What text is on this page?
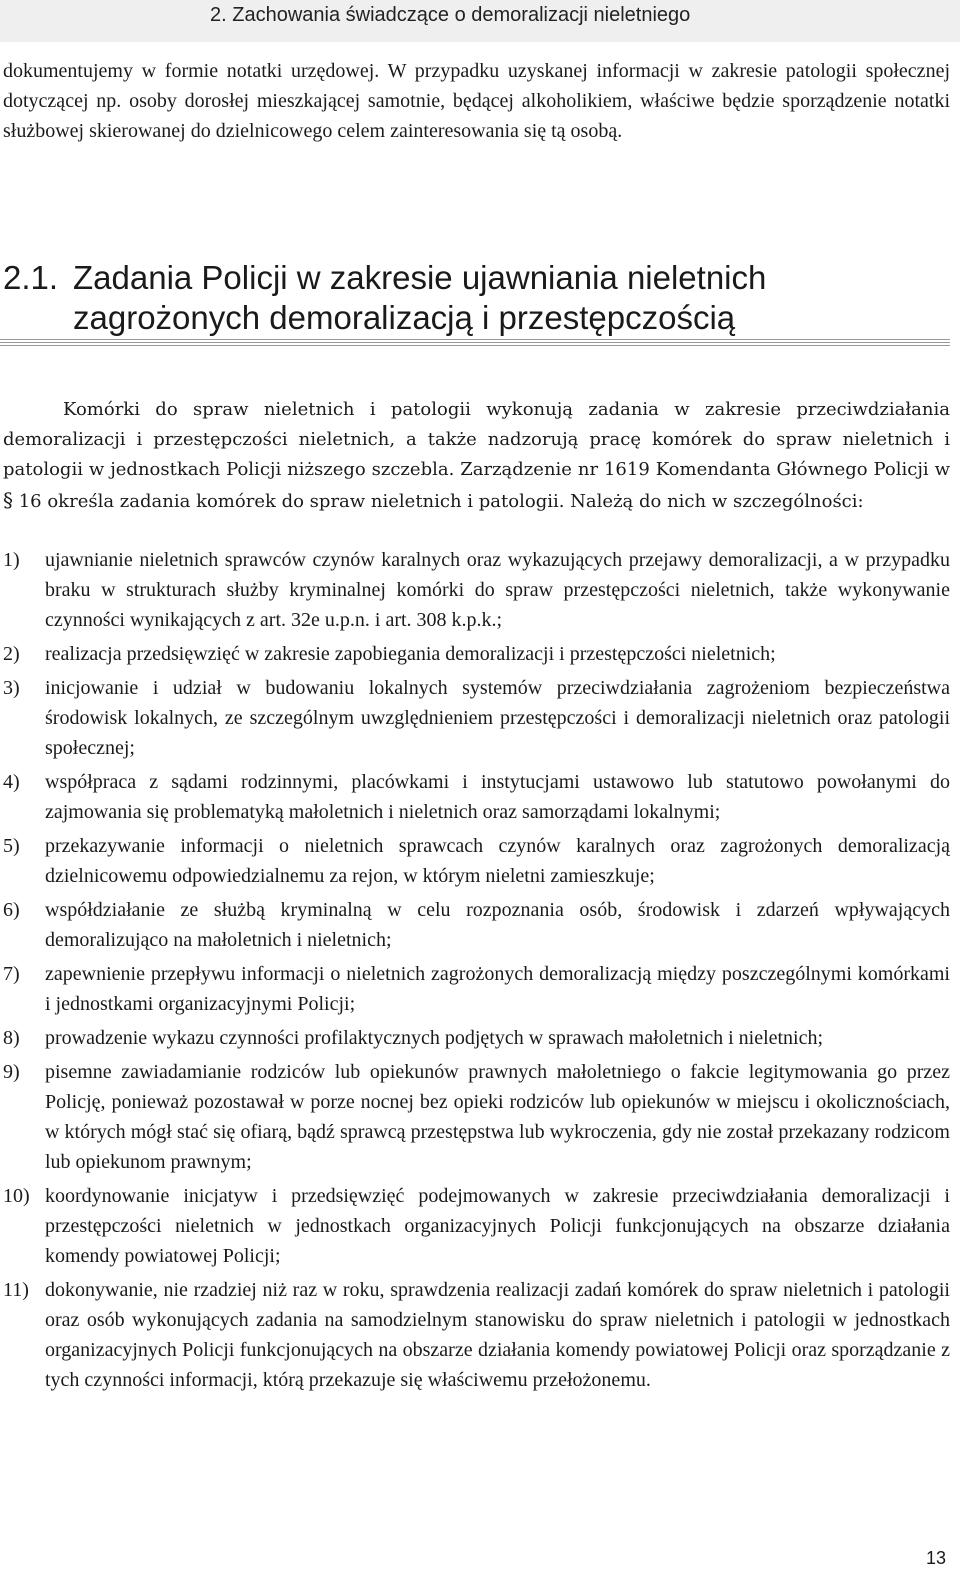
2. Zachowania świadczące o demoralizacji nieletniego
dokumentujemy w formie notatki urzędowej. W przypadku uzyskanej informacji w zakresie patologii społecznej dotyczącej np. osoby dorosłej mieszkającej samotnie, będącej alkoholikiem, właściwe będzie sporządzenie notatki służbowej skierowanej do dzielnicowego celem zainteresowania się tą osobą.
2.1. Zadania Policji w zakresie ujawniania nieletnich
zagrożonych demoralizacją i przestępczością
Komórki do spraw nieletnich i patologii wykonują zadania w zakresie przeciwdziałania demoralizacji i przestępczości nieletnich, a także nadzorują pracę komórek do spraw nieletnich i patologii w jednostkach Policji niższego szczebla. Zarządzenie nr 1619 Komendanta Głównego Policji w § 16 określa zadania komórek do spraw nieletnich i patologii. Należą do nich w szczególności:
1) ujawnianie nieletnich sprawców czynów karalnych oraz wykazujących przejawy demoralizacji, a w przypadku braku w strukturach służby kryminalnej komórki do spraw przestępczości nieletnich, także wykonywanie czynności wynikających z art. 32e u.p.n. i art. 308 k.p.k.;
2) realizacja przedsięwzięć w zakresie zapobiegania demoralizacji i przestępczości nieletnich;
3) inicjowanie i udział w budowaniu lokalnych systemów przeciwdziałania zagrożeniom bezpieczeństwa środowisk lokalnych, ze szczególnym uwzględnieniem przestępczości i demoralizacji nieletnich oraz patologii społecznej;
4) współpraca z sądami rodzinnymi, placówkami i instytucjami ustawowo lub statutowo powołanymi do zajmowania się problematyką małoletnich i nieletnich oraz samorządami lokalnymi;
5) przekazywanie informacji o nieletnich sprawcach czynów karalnych oraz zagrożonych demoralizacją dzielnicowemu odpowiedzialnemu za rejon, w którym nieletni zamieszkuje;
6) współdziałanie ze służbą kryminalną w celu rozpoznania osób, środowisk i zdarzeń wpływających demoralizująco na małoletnich i nieletnich;
7) zapewnienie przepływu informacji o nieletnich zagrożonych demoralizacją między poszczególnymi komórkami i jednostkami organizacyjnymi Policji;
8) prowadzenie wykazu czynności profilaktycznych podjętych w sprawach małoletnich i nieletnich;
9) pisemne zawiadamianie rodziców lub opiekunów prawnych małoletniego o fakcie legitymowania go przez Policję, ponieważ pozostawał w porze nocnej bez opieki rodziców lub opiekunów w miejscu i okolicznościach, w których mógł stać się ofiarą, bądź sprawcą przestępstwa lub wykroczenia, gdy nie został przekazany rodzicom lub opiekunom prawnym;
10) koordynowanie inicjatyw i przedsięwzięć podejmowanych w zakresie przeciwdziałania demoralizacji i przestępczości nieletnich w jednostkach organizacyjnych Policji funkcjonujących na obszarze działania komendy powiatowej Policji;
11) dokonywanie, nie rzadziej niż raz w roku, sprawdzenia realizacji zadań komórek do spraw nieletnich i patologii oraz osób wykonujących zadania na samodzielnym stanowisku do spraw nieletnich i patologii w jednostkach organizacyjnych Policji funkcjonujących na obszarze działania komendy powiatowej Policji oraz sporządzanie z tych czynności informacji, którą przekazuje się właściwemu przełożonemu.
13
